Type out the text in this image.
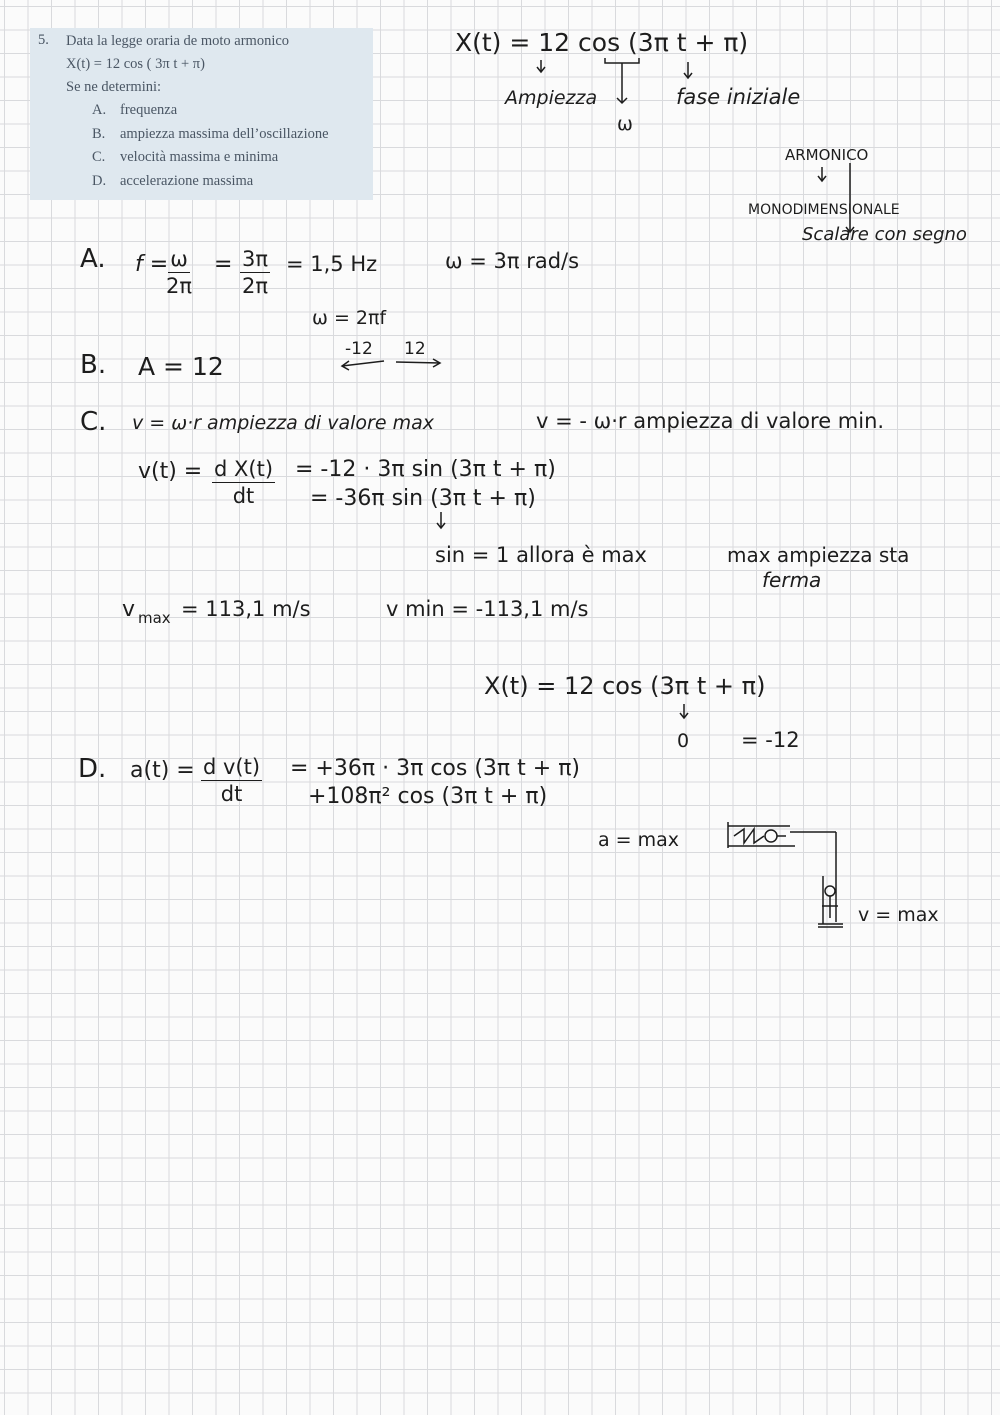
5. Data la legge oraria de moto armonico
X(t) = 12 cos ( 3π t + π)
Se ne determini:
A. frequenza
B. ampiezza massima dell’oscillazione
C. velocità massima e minima
D. accelerazione massima
X(t) = 12 cos (3π t + π)
Ampiezza
ω
fase iniziale
ARMONICO
MONODIMENSIONALE
Scalare con segno
A. f =
$\frac{\omega}{2\pi} = \frac{3\pi}{2\pi} = 1,5$ Hz	ω = 3π rad/s
ω = 2πf
B. A = 12
-12 12
C. v = ω·r ampiezza di valore max	v = - ω·r ampiezza di valore min.
$v(t) = \frac{\text{d X(t)}}{dt} = -12 \cdot 3\pi$ sin (3π t + π)
= -36π sin (3π t + π)
sin = 1 allora è max	max ampiezza sta
ferma
v max = 113,1 m/s	v min = -113,1 m/s
X(t) = 12 cos (3π t + π)
0 = -12
D. $a(t) = \frac{\text{d v(t)}}{dt} = +36\pi \cdot 3\pi$ cos (3π t + π)
+108π² cos (3π t + π)
a = max
v = max
